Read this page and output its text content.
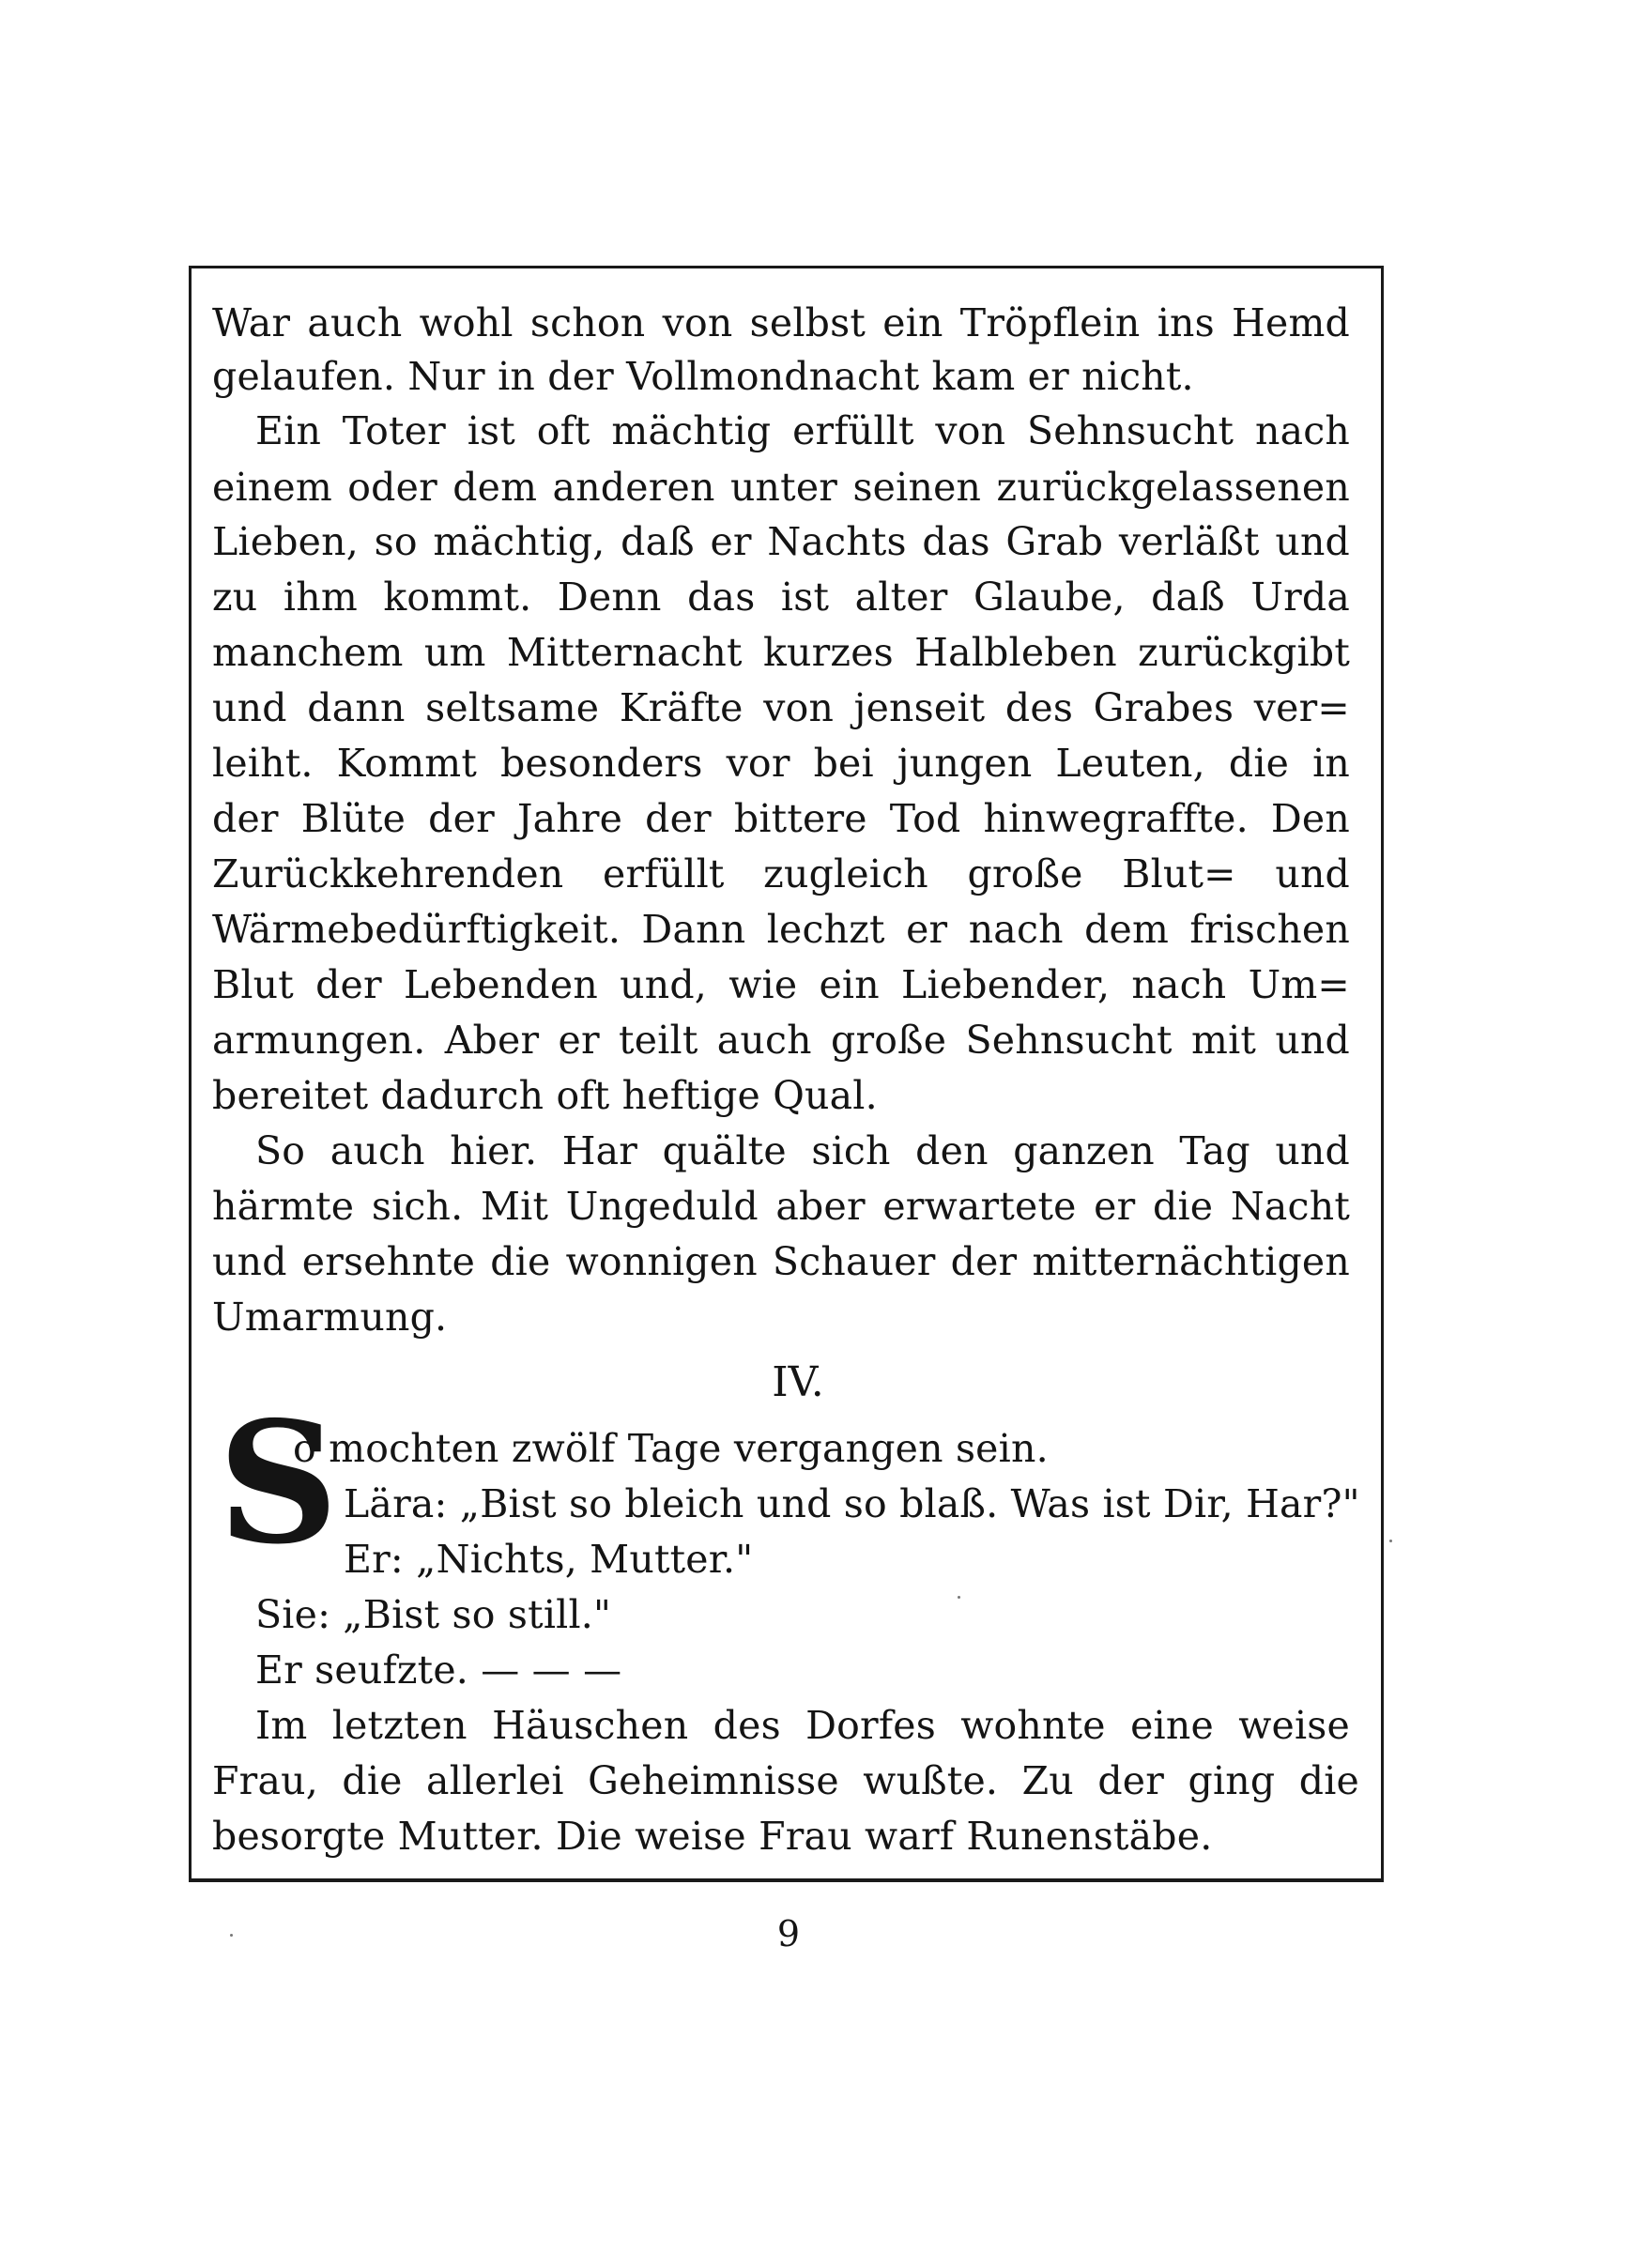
War auch wohl schon von selbst ein Tröpflein ins Hemd
gelaufen. Nur in der Vollmondnacht kam er nicht.
Ein Toter ist oft mächtig erfüllt von Sehnsucht nach
einem oder dem anderen unter seinen zurückgelassenen
Lieben, so mächtig, daß er Nachts das Grab verläßt und
zu ihm kommt. Denn das ist alter Glaube, daß Urda
manchem um Mitternacht kurzes Halbleben zurückgibt
und dann seltsame Kräfte von jenseit des Grabes ver=
leiht. Kommt besonders vor bei jungen Leuten, die in
der Blüte der Jahre der bittere Tod hinwegraffte. Den
Zurückkehrenden erfüllt zugleich große Blut= und
Wärmebedürftigkeit. Dann lechzt er nach dem frischen
Blut der Lebenden und, wie ein Liebender, nach Um=
armungen. Aber er teilt auch große Sehnsucht mit und
bereitet dadurch oft heftige Qual.
So auch hier. Har quälte sich den ganzen Tag und
härmte sich. Mit Ungeduld aber erwartete er die Nacht
und ersehnte die wonnigen Schauer der mitternächtigen
Umarmung.
IV.
S
o mochten zwölf Tage vergangen sein.
Lära: „Bist so bleich und so blaß. Was ist Dir, Har?"
Er: „Nichts, Mutter."
Sie: „Bist so still."
Er seufzte. — — —
Im letzten Häuschen des Dorfes wohnte eine weise
Frau, die allerlei Geheimnisse wußte. Zu der ging die
besorgte Mutter. Die weise Frau warf Runenstäbe.
9
